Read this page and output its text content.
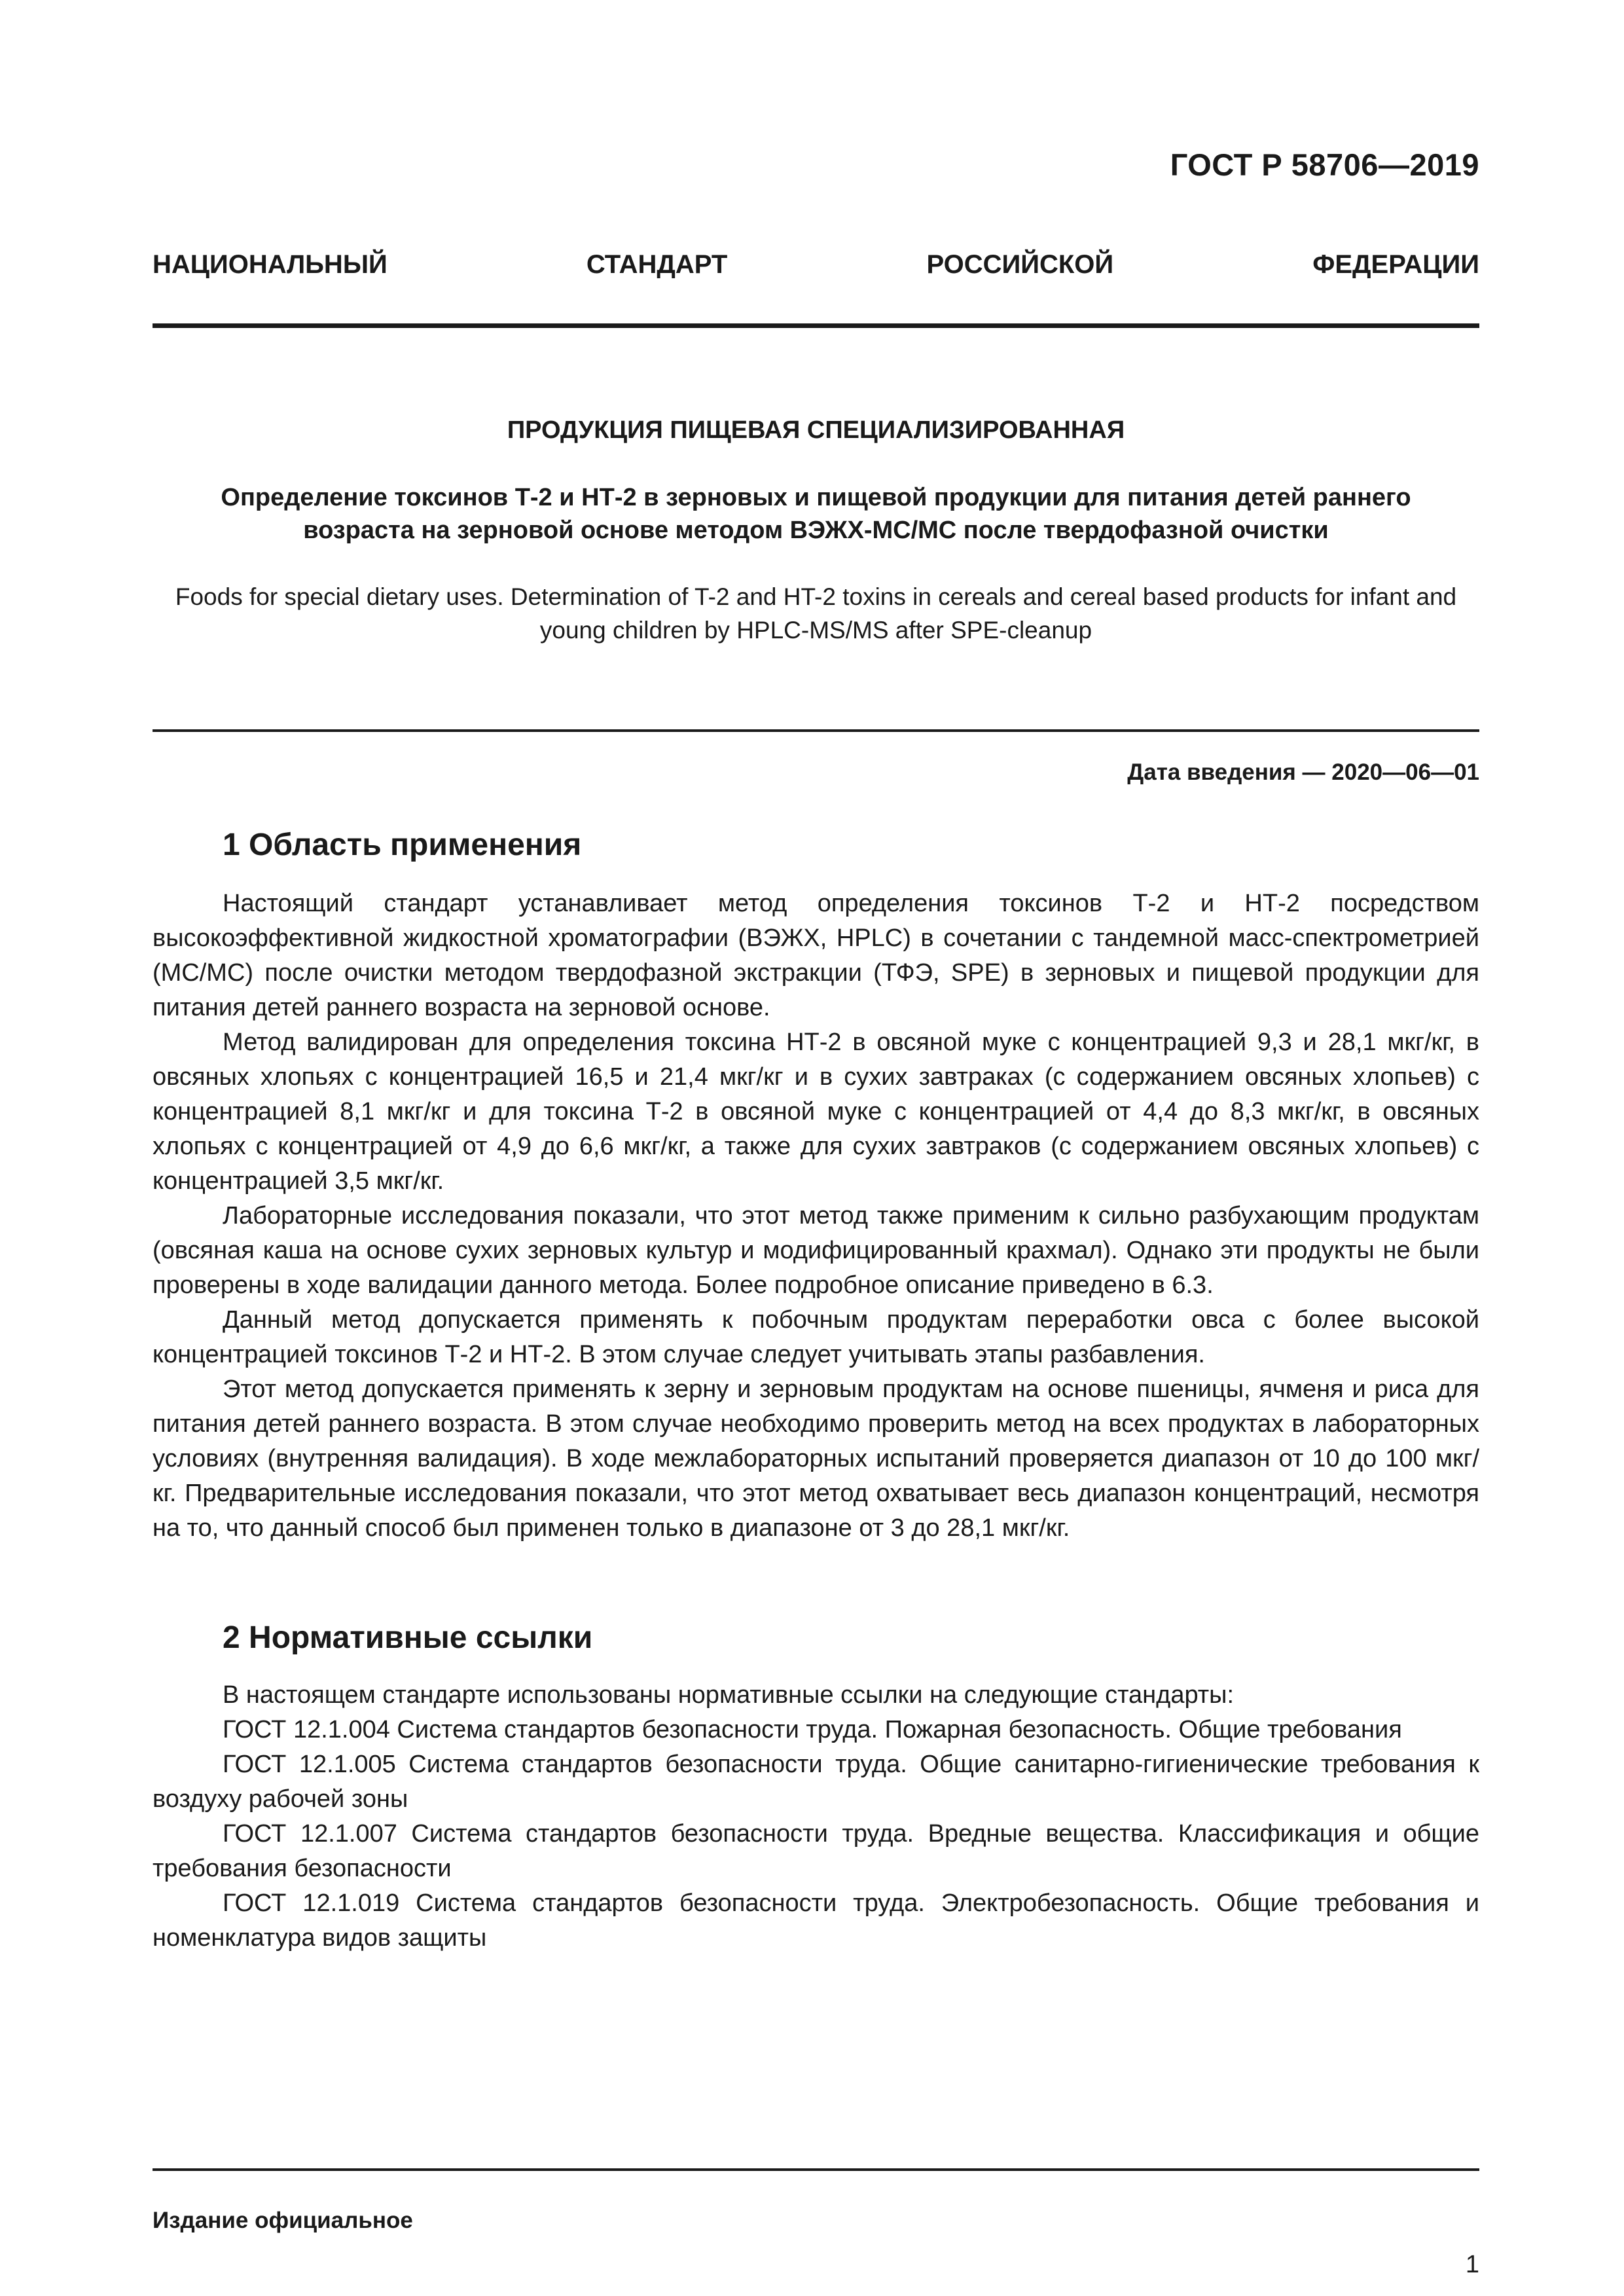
ГОСТ Р 58706—2019
НАЦИОНАЛЬНЫЙ СТАНДАРТ РОССИЙСКОЙ ФЕДЕРАЦИИ
ПРОДУКЦИЯ ПИЩЕВАЯ СПЕЦИАЛИЗИРОВАННАЯ
Определение токсинов Т-2 и НТ-2 в зерновых и пищевой продукции для питания детей раннего
возраста на зерновой основе методом ВЭЖХ-МС/МС после твердофазной очистки
Foods for special dietary uses. Determination of T-2 and HT-2 toxins in cereals and cereal based products for infant and
young children by HPLC-MS/MS after SPE-cleanup
Дата введения — 2020—06—01
1 Область применения

Настоящий стандарт устанавливает метод определения токсинов Т-2 и НТ-2 посредством высокоэффективной жидкостной хроматографии (ВЭЖХ, HPLC) в сочетании с тандемной масс-спектрометрией (МС/МС) после очистки методом твердофазной экстракции (ТФЭ, SPE) в зерновых и пищевой продукции для питания детей раннего возраста на зерновой основе.

Метод валидирован для определения токсина НТ-2 в овсяной муке с концентрацией 9,3 и 28,1 мкг/кг, в овсяных хлопьях с концентрацией 16,5 и 21,4 мкг/кг и в сухих завтраках (с содержанием овсяных хлопьев) с концентрацией 8,1 мкг/кг и для токсина Т-2 в овсяной муке с концентрацией от 4,4 до 8,3 мкг/кг, в овсяных хлопьях с концентрацией от 4,9 до 6,6 мкг/кг, а также для сухих завтраков (с содержанием овсяных хлопьев) с концентрацией 3,5 мкг/кг.

Лабораторные исследования показали, что этот метод также применим к сильно разбухающим продуктам (овсяная каша на основе сухих зерновых культур и модифицированный крахмал). Однако эти продукты не были проверены в ходе валидации данного метода. Более подробное описание приведено в 6.3.

Данный метод допускается применять к побочным продуктам переработки овса с более высокой концентрацией токсинов Т-2 и НТ-2. В этом случае следует учитывать этапы разбавления.

Этот метод допускается применять к зерну и зерновым продуктам на основе пшеницы, ячменя и риса для питания детей раннего возраста. В этом случае необходимо проверить метод на всех продуктах в лабораторных условиях (внутренняя валидация). В ходе межлабораторных испытаний проверяется диапазон от 10 до 100 мкг/кг. Предварительные исследования показали, что этот метод охватывает весь диапазон концентраций, несмотря на то, что данный способ был применен только в диапазоне от 3 до 28,1 мкг/кг.

2 Нормативные ссылки

В настоящем стандарте использованы нормативные ссылки на следующие стандарты:

ГОСТ 12.1.004 Система стандартов безопасности труда. Пожарная безопасность. Общие требования

ГОСТ 12.1.005 Система стандартов безопасности труда. Общие санитарно-гигиенические требования к воздуху рабочей зоны

ГОСТ 12.1.007 Система стандартов безопасности труда. Вредные вещества. Классификация и общие требования безопасности

ГОСТ 12.1.019 Система стандартов безопасности труда. Электробезопасность. Общие требования и номенклатура видов защиты

Издание официальное
1
